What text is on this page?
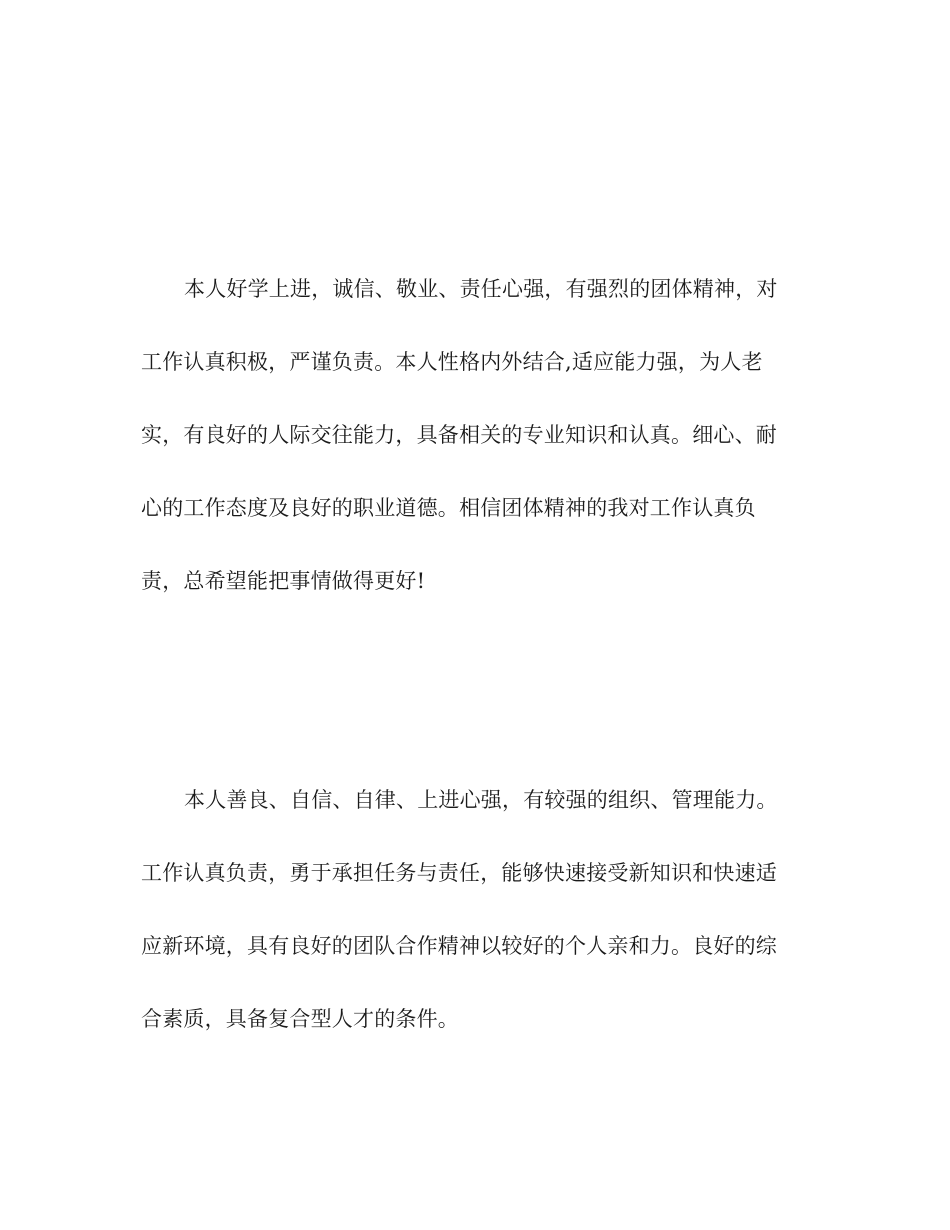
本人好学上进，诚信、敬业、责任心强，有强烈的团体精神，对
工作认真积极，严谨负责。本人性格内外结合,适应能力强，为人老
实，有良好的人际交往能力，具备相关的专业知识和认真。细心、耐
心的工作态度及良好的职业道德。相信团体精神的我对工作认真负
责，总希望能把事情做得更好!
本人善良、自信、自律、上进心强，有较强的组织、管理能力。
工作认真负责，勇于承担任务与责任，能够快速接受新知识和快速适
应新环境，具有良好的团队合作精神以较好的个人亲和力。良好的综
合素质，具备复合型人才的条件。
